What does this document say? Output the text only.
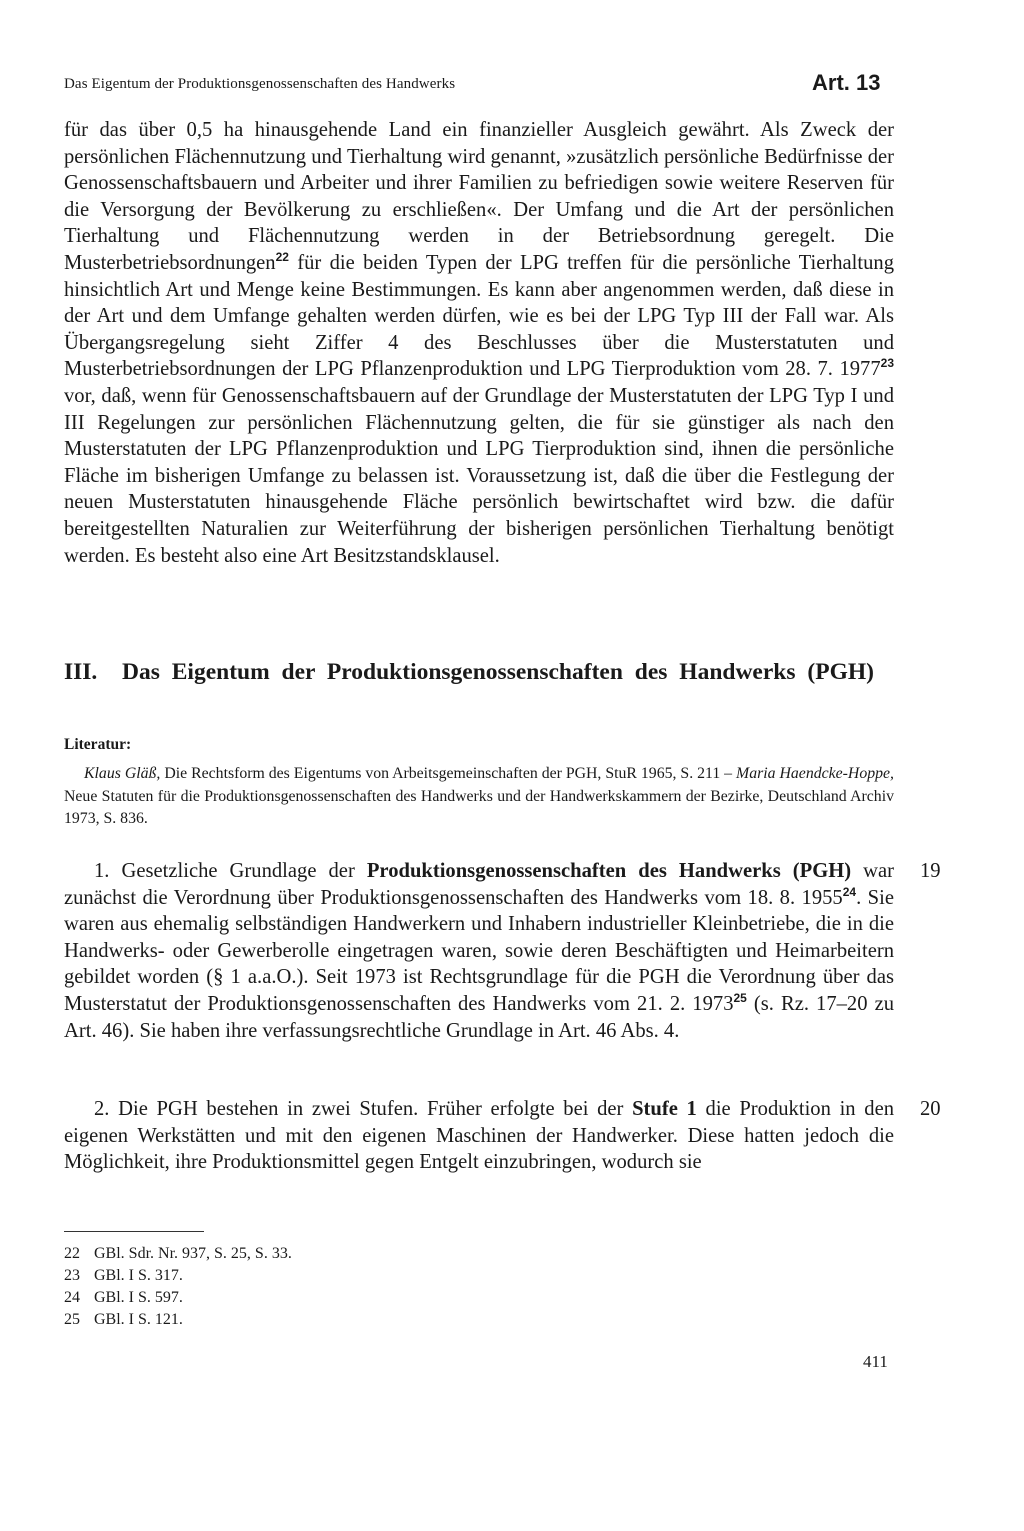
Das Eigentum der Produktionsgenossenschaften des Handwerks	Art. 13

für das über 0,5 ha hinausgehende Land ein finanzieller Ausgleich gewährt. Als Zweck der persönlichen Flächennutzung und Tierhaltung wird genannt, »zusätzlich persönliche Bedürfnisse der Genossenschaftsbauern und Arbeiter und ihrer Familien zu befriedigen sowie weitere Reserven für die Versorgung der Bevölkerung zu erschließen«. Der Umfang und die Art der persönlichen Tierhaltung und Flächennutzung werden in der Betriebsordnung geregelt. Die Musterbetriebsordnungen$^{22}$ für die beiden Typen der LPG treffen für die persönliche Tierhaltung hinsichtlich Art und Menge keine Bestimmungen. Es kann aber angenommen werden, daß diese in der Art und dem Umfange gehalten werden dürfen, wie es bei der LPG Typ III der Fall war. Als Übergangsregelung sieht Ziffer 4 des Beschlusses über die Musterstatuten und Musterbetriebsordnungen der LPG Pflanzenproduktion und LPG Tierproduktion vom 28. 7. 1977$^{23}$ vor, daß, wenn für Genossenschaftsbauern auf der Grundlage der Musterstatuten der LPG Typ I und III Regelungen zur persönlichen Flächennutzung gelten, die für sie günstiger als nach den Musterstatuten der LPG Pflanzenproduktion und LPG Tierproduktion sind, ihnen die persönliche Fläche im bisherigen Umfange zu belassen ist. Voraussetzung ist, daß die über die Festlegung der neuen Musterstatuten hinausgehende Fläche persönlich bewirtschaftet wird bzw. die dafür bereitgestellten Naturalien zur Weiterführung der bisherigen persönlichen Tierhaltung benötigt werden. Es besteht also eine Art Besitzstandsklausel.

III. Das Eigentum der Produktionsgenossenschaften des Handwerks (PGH)
Literatur:

Klaus Gläß, Die Rechtsform des Eigentums von Arbeitsgemeinschaften der PGH, StuR 1965, S. 211 – Maria Haendcke-Hoppe, Neue Statuten für die Produktionsgenossenschaften des Handwerks und der Handwerkskammern der Bezirke, Deutschland Archiv 1973, S. 836.

1. Gesetzliche Grundlage der Produktionsgenossenschaften des Handwerks (PGH) war zunächst die Verordnung über Produktionsgenossenschaften des Handwerks vom 18. 8. 1955$^{24}$. Sie waren aus ehemalig selbständigen Handwerkern und Inhabern industrieller Kleinbetriebe, die in die Handwerks- oder Gewerberolle eingetragen waren, sowie deren Beschäftigten und Heimarbeitern gebildet worden (§ 1 a.a.O.). Seit 1973 ist Rechtsgrundlage für die PGH die Verordnung über das Musterstatut der Produktionsgenossenschaften des Handwerks vom 21. 2. 1973$^{25}$ (s. Rz. 17–20 zu Art. 46). Sie haben ihre verfassungsrechtliche Grundlage in Art. 46 Abs. 4.

19

2. Die PGH bestehen in zwei Stufen. Früher erfolgte bei der Stufe 1 die Produktion in den eigenen Werkstätten und mit den eigenen Maschinen der Handwerker. Diese hatten jedoch die Möglichkeit, ihre Produktionsmittel gegen Entgelt einzubringen, wodurch sie

20
22 GBl. Sdr. Nr. 937, S. 25, S. 33.
23 GBl. I S. 317.
24 GBl. I S. 597.
25 GBl. I S. 121.
411
